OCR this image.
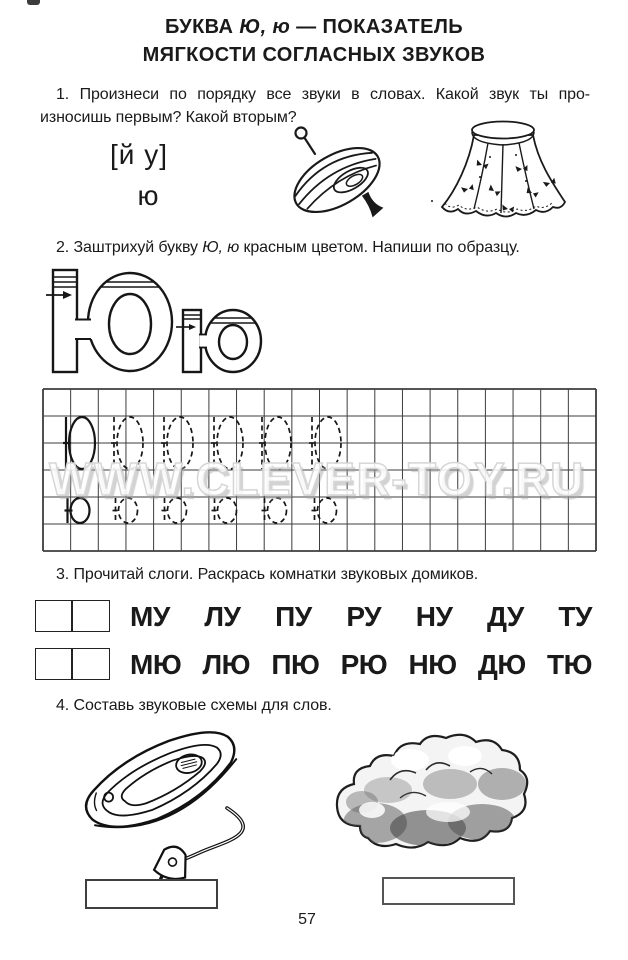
БУКВА Ю, ю — ПОКАЗАТЕЛЬ
МЯГКОСТИ СОГЛАСНЫХ ЗВУКОВ

1. Произнеси по порядку все звуки в словах. Какой звук ты про-
износишь первым? Какой вторым?

[й у]
ю

2. Заштрихуй букву Ю, ю красным цветом. Напиши по образцу.

WWW.CLEVER-TOY.RU

3. Прочитай слоги. Раскрась комнатки звуковых домиков.

МУ ЛУ ПУ РУ НУ ДУ ТУ
МЮ ЛЮ ПЮ РЮ НЮ ДЮ ТЮ

4. Составь звуковые схемы для слов.

57
